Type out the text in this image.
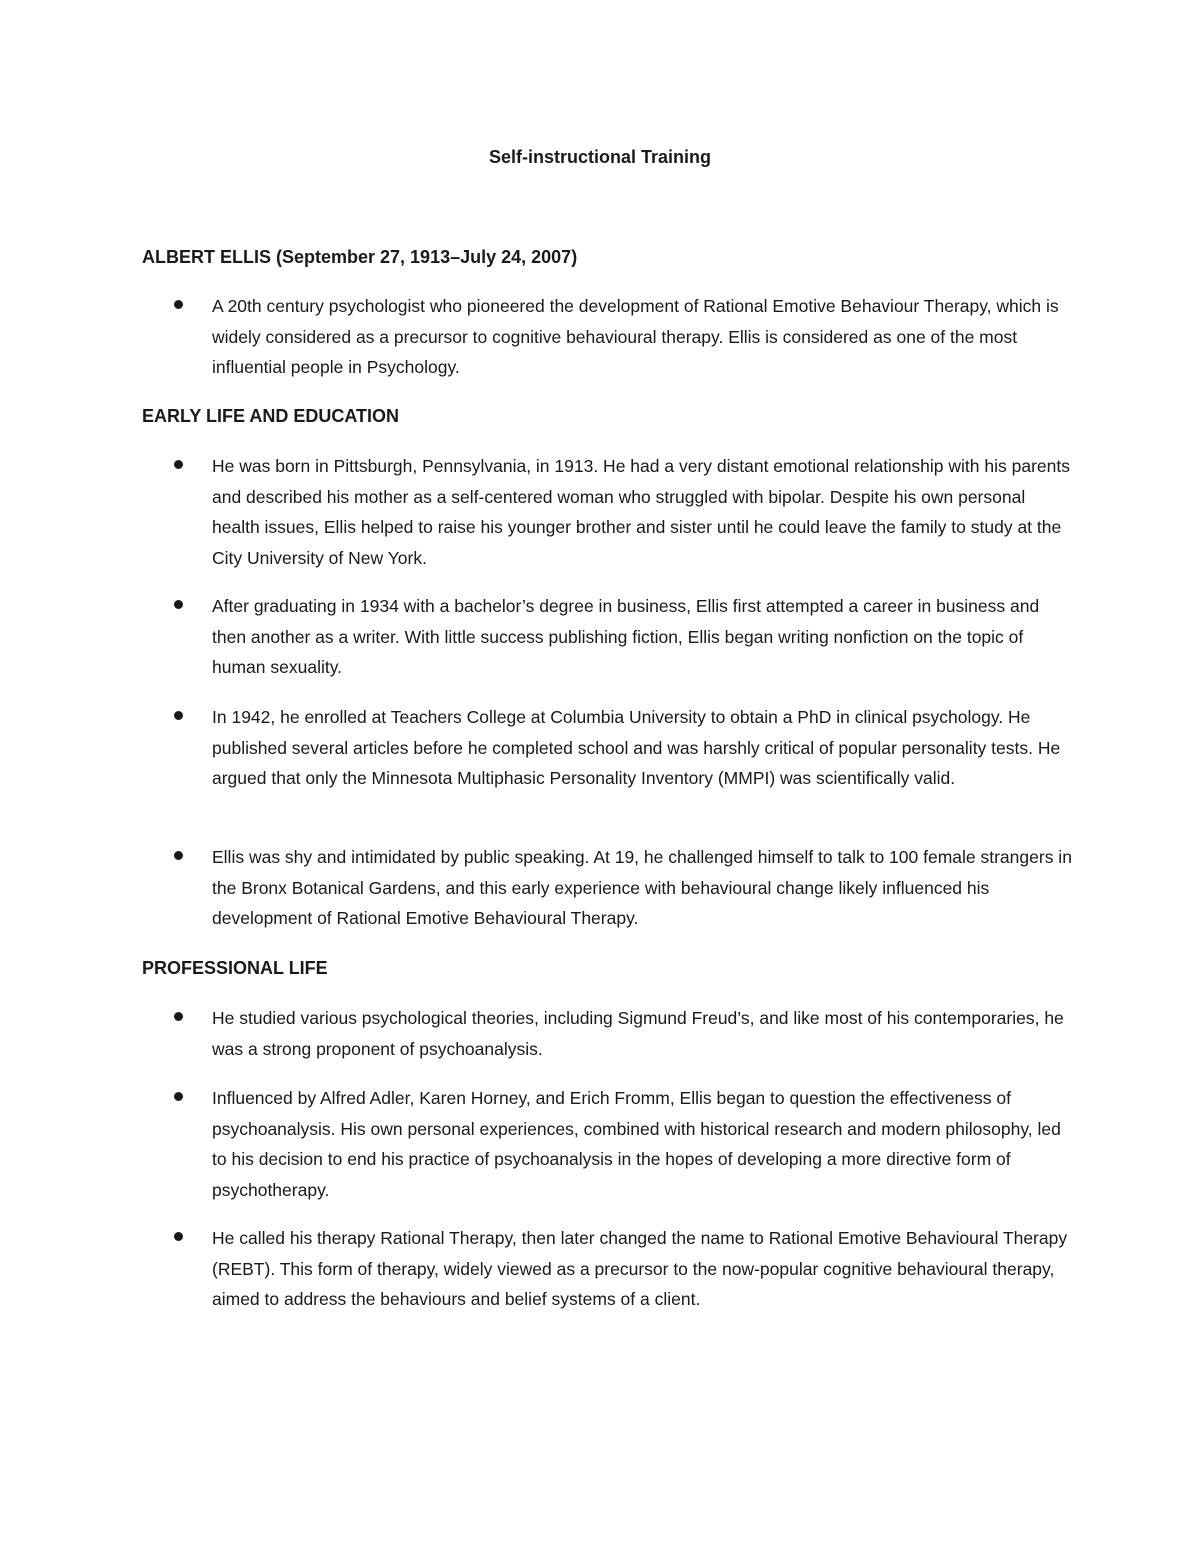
Self-instructional Training
ALBERT ELLIS (September 27, 1913–July 24, 2007)

A 20th century psychologist who pioneered the development of Rational Emotive Behaviour Therapy, which is widely considered as a precursor to cognitive behavioural therapy. Ellis is considered as one of the most influential people in Psychology.

EARLY LIFE AND EDUCATION

He was born in Pittsburgh, Pennsylvania, in 1913. He had a very distant emotional relationship with his parents and described his mother as a self-centered woman who struggled with bipolar. Despite his own personal health issues, Ellis helped to raise his younger brother and sister until he could leave the family to study at the City University of New York.

After graduating in 1934 with a bachelor’s degree in business, Ellis first attempted a career in business and then another as a writer. With little success publishing fiction, Ellis began writing nonfiction on the topic of human sexuality.

In 1942, he enrolled at Teachers College at Columbia University to obtain a PhD in clinical psychology. He published several articles before he completed school and was harshly critical of popular personality tests. He argued that only the Minnesota Multiphasic Personality Inventory (MMPI) was scientifically valid.

Ellis was shy and intimidated by public speaking. At 19, he challenged himself to talk to 100 female strangers in the Bronx Botanical Gardens, and this early experience with behavioural change likely influenced his development of Rational Emotive Behavioural Therapy.

PROFESSIONAL LIFE

He studied various psychological theories, including Sigmund Freud’s, and like most of his contemporaries, he was a strong proponent of psychoanalysis.

Influenced by Alfred Adler, Karen Horney, and Erich Fromm, Ellis began to question the effectiveness of psychoanalysis. His own personal experiences, combined with historical research and modern philosophy, led to his decision to end his practice of psychoanalysis in the hopes of developing a more directive form of psychotherapy.

He called his therapy Rational Therapy, then later changed the name to Rational Emotive Behavioural Therapy (REBT). This form of therapy, widely viewed as a precursor to the now-popular cognitive behavioural therapy, aimed to address the behaviours and belief systems of a client.
